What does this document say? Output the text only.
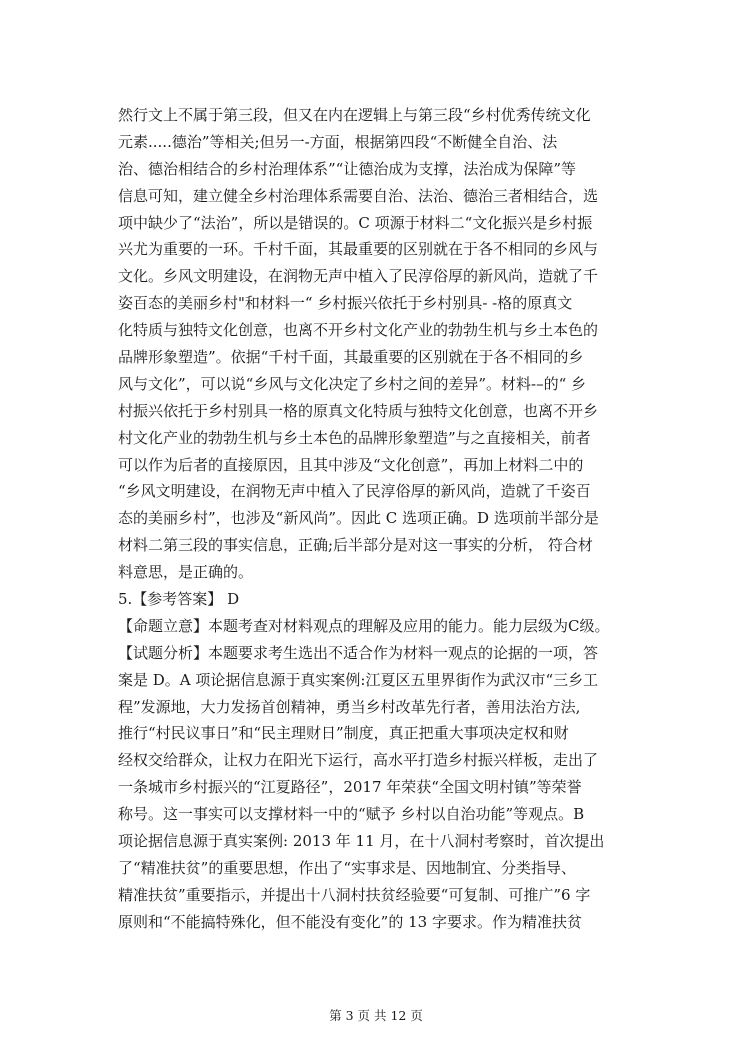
然行文上不属于第三段，但又在内在逻辑上与第三段“乡村优秀传统文化
元素.....德治”等相关;但另一-方面，根据第四段“不断健全自治、法
治、德治相结合的乡村治理体系”“让德治成为支撑，法治成为保障”等
信息可知，建立健全乡村治理体系需要自治、法治、德治三者相结合，选
项中缺少了“法治”，所以是错误的。C 项源于材料二“文化振兴是乡村振
兴尤为重要的一环。千村千面，其最重要的区别就在于各不相同的乡风与
文化。乡风文明建设，在润物无声中植入了民淳俗厚的新风尚，造就了千
姿百态的美丽乡村"和材料一“ 乡村振兴依托于乡村别具- -格的原真文
化特质与独特文化创意，也离不开乡村文化产业的勃勃生机与乡土本色的
品牌形象塑造”。依据“千村千面，其最重要的区别就在于各不相同的乡
风与文化”，可以说“乡风与文化决定了乡村之间的差异”。材料-–的“ 乡
村振兴依托于乡村别具一格的原真文化特质与独特文化创意，也离不开乡
村文化产业的勃勃生机与乡土本色的品牌形象塑造”与之直接相关，前者
可以作为后者的直接原因，且其中涉及“文化创意”，再加上材料二中的
“乡风文明建设，在润物无声中植入了民淳俗厚的新风尚，造就了千姿百
态的美丽乡村”，也涉及“新风尚”。因此 C 选项正确。D 选项前半部分是
材料二第三段的事实信息，正确;后半部分是对这一事实的分析， 符合材
料意思，是正确的。
5.【参考答案】 D
【命题立意】本题考查对材料观点的理解及应用的能力。能力层级为C级。
【试题分析】本题要求考生选出不适合作为材料一观点的论据的一项，答
案是 D。A 项论据信息源于真实案例:江夏区五里界街作为武汉市“三乡工
程”发源地，大力发扬首创精神，勇当乡村改革先行者，善用法治方法,
推行“村民议事日”和“民主理财日”制度，真正把重大事项决定权和财
经权交给群众，让权力在阳光下运行，高水平打造乡村振兴样板，走出了
一条城市乡村振兴的“江夏路径”，2017 年荣获“全国文明村镇”等荣誉
称号。这一事实可以支撑材料一中的“赋予 乡村以自治功能”等观点。B
项论据信息源于真实案例: 2013 年 11 月，在十八洞村考察时，首次提出
了“精准扶贫”的重要思想，作出了“实事求是、因地制宜、分类指导、
精准扶贫”重要指示，并提出十八洞村扶贫经验要“可复制、可推广”6 字
原则和“不能搞特殊化，但不能没有变化”的 13 字要求。作为精准扶贫
第 3 页 共 12 页
